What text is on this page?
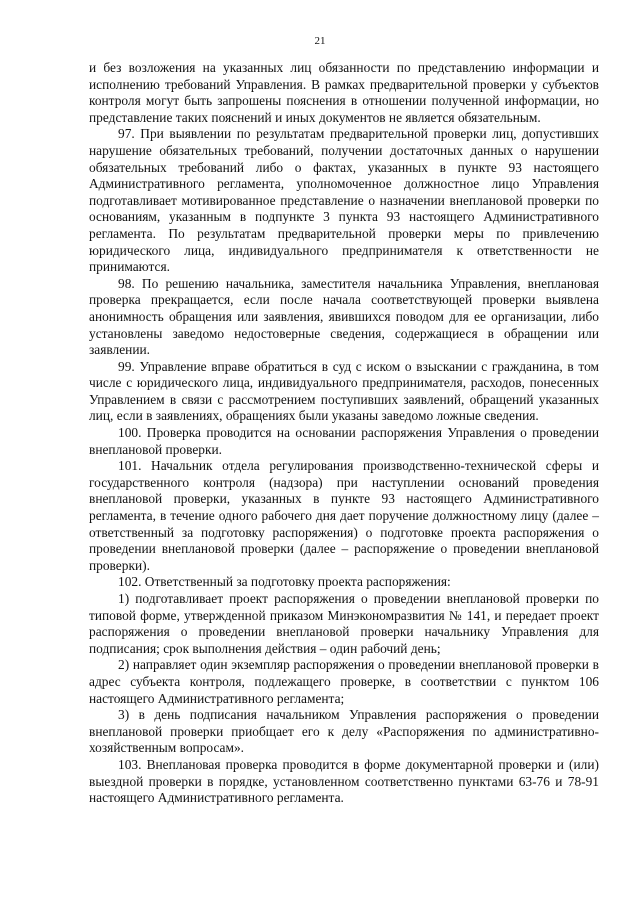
21

и без возложения на указанных лиц обязанности по представлению информации и исполнению требований Управления. В рамках предварительной проверки у субъектов контроля могут быть запрошены пояснения в отношении полученной информации, но представление таких пояснений и иных документов не является обязательным.

97. При выявлении по результатам предварительной проверки лиц, допустивших нарушение обязательных требований, получении достаточных данных о нарушении обязательных требований либо о фактах, указанных в пункте 93 настоящего Административного регламента, уполномоченное должностное лицо Управления подготавливает мотивированное представление о назначении внеплановой проверки по основаниям, указанным в подпункте 3 пункта 93 настоящего Административного регламента. По результатам предварительной проверки меры по привлечению юридического лица, индивидуального предпринимателя к ответственности не принимаются.

98. По решению начальника, заместителя начальника Управления, внеплановая проверка прекращается, если после начала соответствующей проверки выявлена анонимность обращения или заявления, явившихся поводом для ее организации, либо установлены заведомо недостоверные сведения, содержащиеся в обращении или заявлении.

99. Управление вправе обратиться в суд с иском о взыскании с гражданина, в том числе с юридического лица, индивидуального предпринимателя, расходов, понесенных Управлением в связи с рассмотрением поступивших заявлений, обращений указанных лиц, если в заявлениях, обращениях были указаны заведомо ложные сведения.

100. Проверка проводится на основании распоряжения Управления о проведении внеплановой проверки.

101. Начальник отдела регулирования производственно-технической сферы и государственного контроля (надзора) при наступлении оснований проведения внеплановой проверки, указанных в пункте 93 настоящего Административного регламента, в течение одного рабочего дня дает поручение должностному лицу (далее – ответственный за подготовку распоряжения) о подготовке проекта распоряжения о проведении внеплановой проверки (далее – распоряжение о проведении внеплановой проверки).

102. Ответственный за подготовку проекта распоряжения:

1) подготавливает проект распоряжения о проведении внеплановой проверки по типовой форме, утвержденной приказом Минэкономразвития № 141, и передает проект распоряжения о проведении внеплановой проверки начальнику Управления для подписания; срок выполнения действия – один рабочий день;

2) направляет один экземпляр распоряжения о проведении внеплановой проверки в адрес субъекта контроля, подлежащего проверке, в соответствии с пунктом 106 настоящего Административного регламента;

3) в день подписания начальником Управления распоряжения о проведении внеплановой проверки приобщает его к делу «Распоряжения по административно-хозяйственным вопросам».

103. Внеплановая проверка проводится в форме документарной проверки и (или) выездной проверки в порядке, установленном соответственно пунктами 63-76 и 78-91 настоящего Административного регламента.
